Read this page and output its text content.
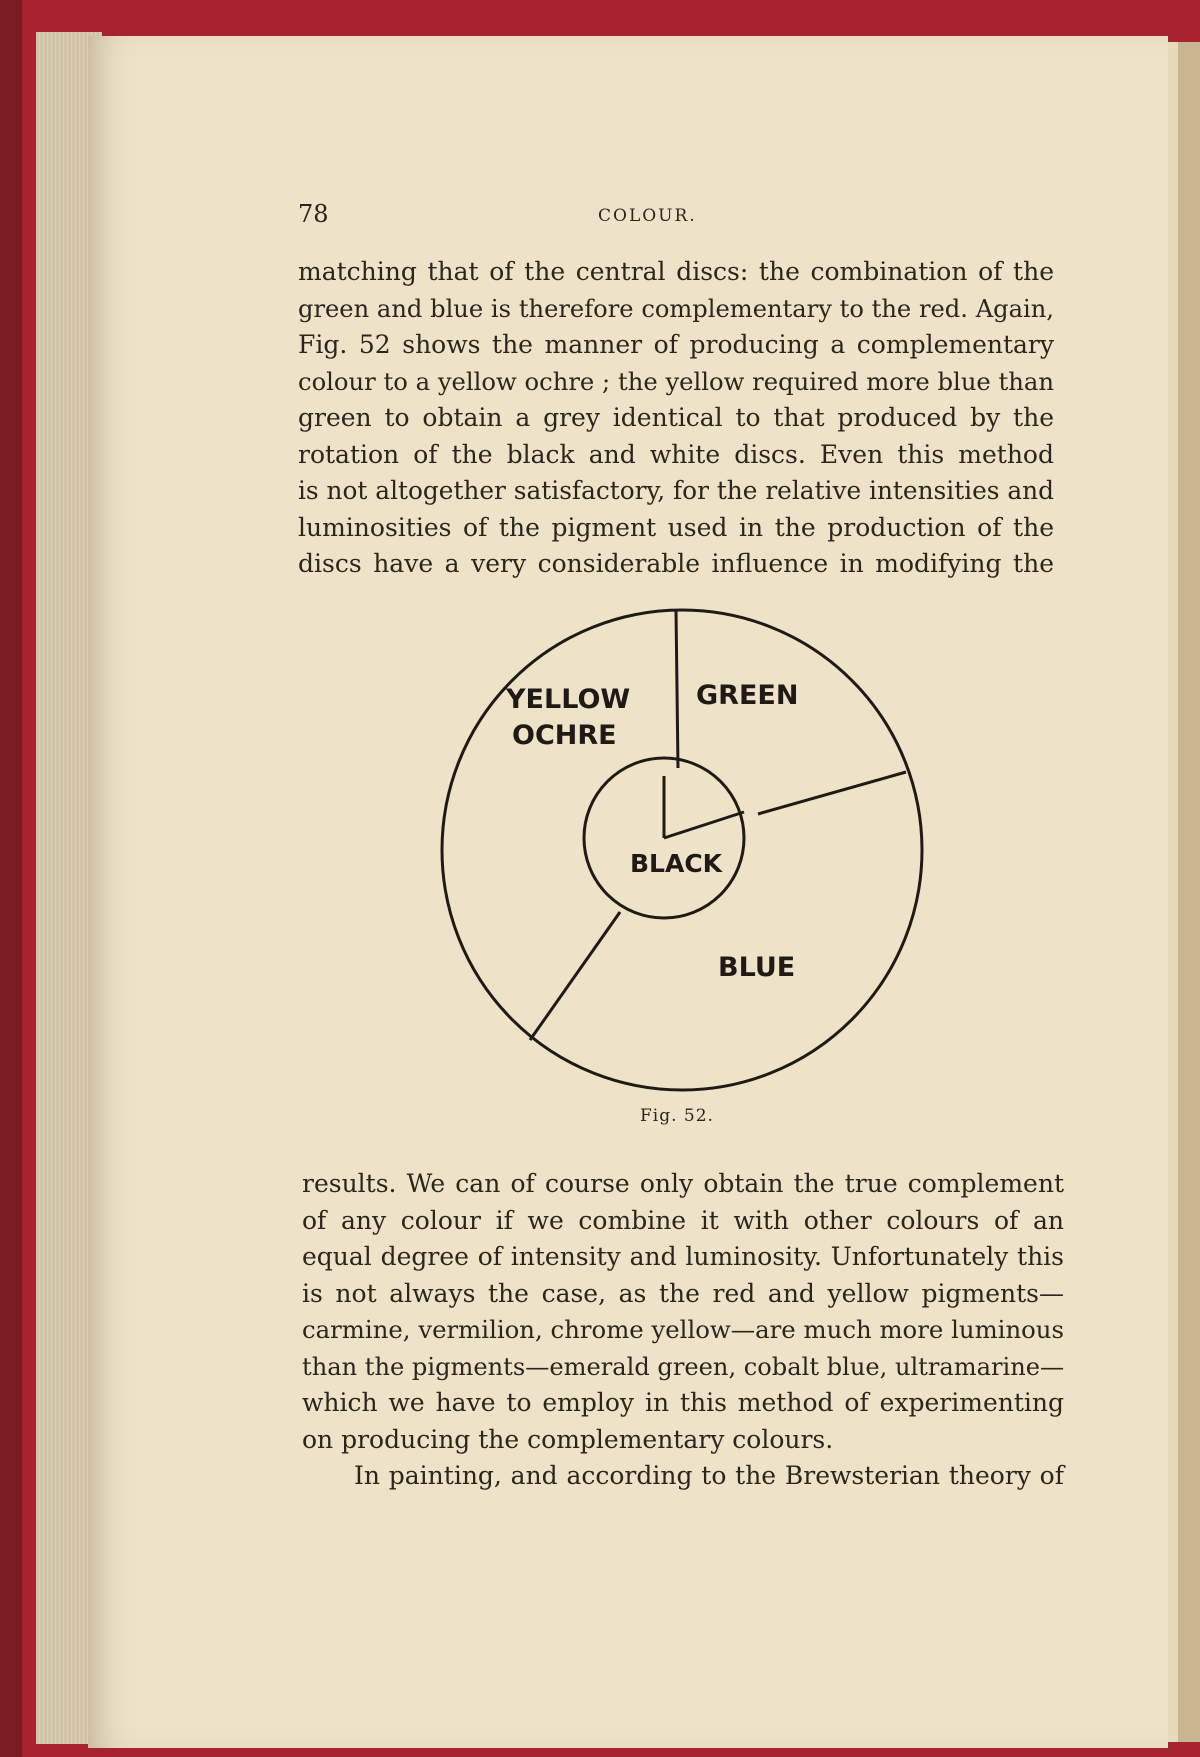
78	COLOUR.
matching that of the central discs: the combination of the
green and blue is therefore complementary to the red. Again,
Fig. 52 shows the manner of producing a complementary
colour to a yellow ochre ; the yellow required more blue than
green to obtain a grey identical to that produced by the
rotation of the black and white discs. Even this method
is not altogether satisfactory, for the relative intensities and
luminosities of the pigment used in the production of the
discs have a very considerable influence in modifying the
YELLOW
OCHRE
GREEN
BLACK
BLUE
Fig. 52.
results. We can of course only obtain the true complement
of any colour if we combine it with other colours of an
equal degree of intensity and luminosity. Unfortunately this
is not always the case, as the red and yellow pigments—
carmine, vermilion, chrome yellow—are much more luminous
than the pigments—emerald green, cobalt blue, ultramarine—
which we have to employ in this method of experimenting
on producing the complementary colours.
In painting, and according to the Brewsterian theory of
